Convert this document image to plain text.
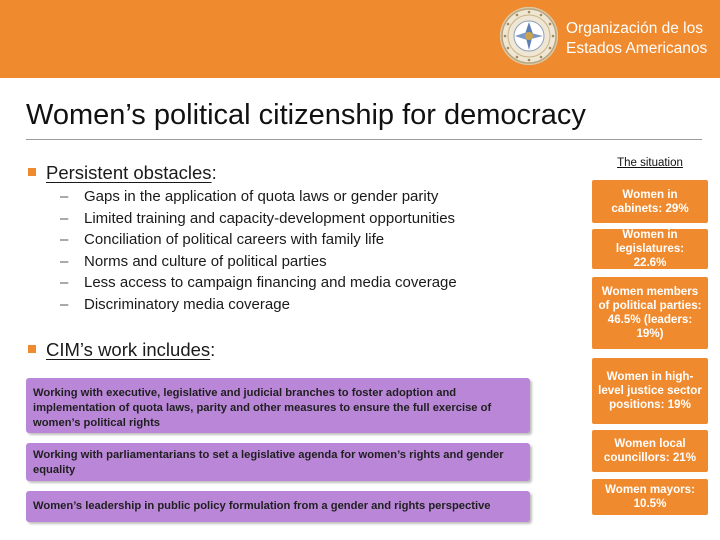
Organización de los
Estados Americanos
Women’s political citizenship for democracy
Persistent obstacles:
– Gaps in the application of quota laws or gender parity
– Limited training and capacity-development opportunities
– Conciliation of political careers with family life
– Norms and culture of political parties
– Less access to campaign financing and media coverage
– Discriminatory media coverage
CIM’s work includes:
Working with executive, legislative and judicial branches to foster adoption and implementation of quota laws, parity and other measures to ensure the full exercise of women’s political rights
Working with parliamentarians to set a legislative agenda for women’s rights and gender equality
Women’s leadership in public policy formulation from a gender and rights perspective
The situation
Women in cabinets: 29%
Women in legislatures: 22.6%
Women members of political parties: 46.5% (leaders: 19%)
Women in high-level justice sector positions: 19%
Women local councillors: 21%
Women mayors: 10.5%
